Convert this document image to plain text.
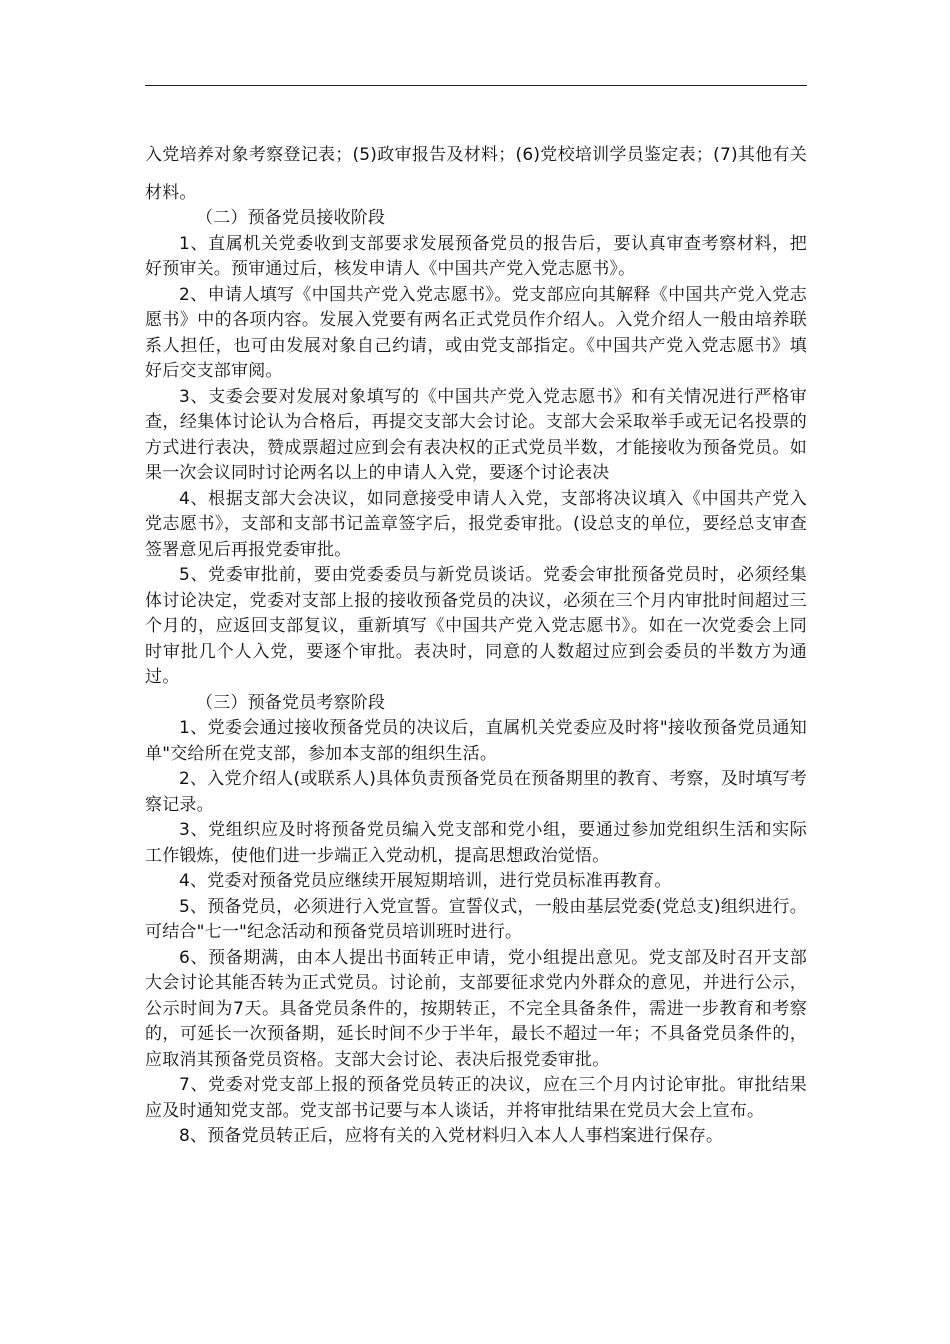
入党培养对象考察登记表；(5)政审报告及材料；(6)党校培训学员鉴定表；(7)其他有关材料。

（二）预备党员接收阶段

1、直属机关党委收到支部要求发展预备党员的报告后，要认真审查考察材料，把好预审关。预审通过后，核发申请人《中国共产党入党志愿书》。

2、申请人填写《中国共产党入党志愿书》。党支部应向其解释《中国共产党入党志愿书》中的各项内容。发展入党要有两名正式党员作介绍人。入党介绍人一般由培养联系人担任，也可由发展对象自己约请，或由党支部指定。《中国共产党入党志愿书》填好后交支部审阅。

3、支委会要对发展对象填写的《中国共产党入党志愿书》和有关情况进行严格审查，经集体讨论认为合格后，再提交支部大会讨论。支部大会采取举手或无记名投票的方式进行表决，赞成票超过应到会有表决权的正式党员半数，才能接收为预备党员。如果一次会议同时讨论两名以上的申请人入党，要逐个讨论表决

4、根据支部大会决议，如同意接受申请人入党，支部将决议填入《中国共产党入党志愿书》，支部和支部书记盖章签字后，报党委审批。(设总支的单位，要经总支审查签署意见后再报党委审批。

5、党委审批前，要由党委委员与新党员谈话。党委会审批预备党员时，必须经集体讨论决定，党委对支部上报的接收预备党员的决议，必须在三个月内审批时间超过三个月的，应返回支部复议，重新填写《中国共产党入党志愿书》。如在一次党委会上同时审批几个人入党，要逐个审批。表决时，同意的人数超过应到会委员的半数方为通过。

（三）预备党员考察阶段

1、党委会通过接收预备党员的决议后，直属机关党委应及时将"接收预备党员通知单"交给所在党支部，参加本支部的组织生活。

2、入党介绍人(或联系人)具体负责预备党员在预备期里的教育、考察，及时填写考察记录。

3、党组织应及时将预备党员编入党支部和党小组，要通过参加党组织生活和实际工作锻炼，使他们进一步端正入党动机，提高思想政治觉悟。

4、党委对预备党员应继续开展短期培训，进行党员标准再教育。

5、预备党员，必须进行入党宣誓。宣誓仪式，一般由基层党委(党总支)组织进行。可结合"七一"纪念活动和预备党员培训班时进行。

6、预备期满，由本人提出书面转正申请，党小组提出意见。党支部及时召开支部大会讨论其能否转为正式党员。讨论前，支部要征求党内外群众的意见，并进行公示，公示时间为7天。具备党员条件的，按期转正，不完全具备条件，需进一步教育和考察的，可延长一次预备期，延长时间不少于半年，最长不超过一年；不具备党员条件的，应取消其预备党员资格。支部大会讨论、表决后报党委审批。

7、党委对党支部上报的预备党员转正的决议，应在三个月内讨论审批。审批结果应及时通知党支部。党支部书记要与本人谈话，并将审批结果在党员大会上宣布。

8、预备党员转正后，应将有关的入党材料归入本人人事档案进行保存。
